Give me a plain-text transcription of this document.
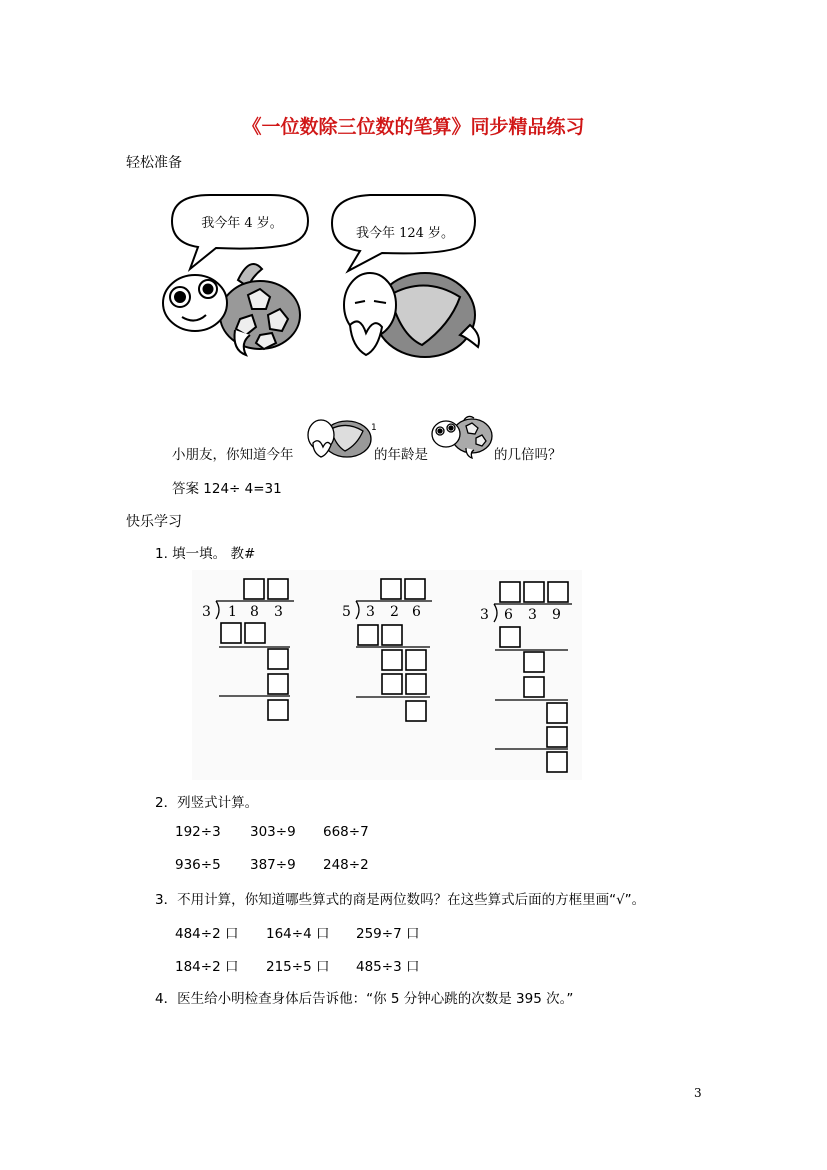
《一位数除三位数的笔算》同步精品练习
轻松准备
我今年 4 岁。
我今年 124 岁。
小朋友，你知道今年
1
的年龄是	的几倍吗？
答案 124÷ 4=31
快乐学习
1. 填一填。 教#
3 1 8 3	5 3 2 6	3 6 3 9
2．列竖式计算。
192÷3 303÷9 668÷7
936÷5 387÷9 248÷2
3．不用计算，你知道哪些算式的商是两位数吗？在这些算式后面的方框里画“√”。
484÷2 口 164÷4 口 259÷7 口
184÷2 口 215÷5 口 485÷3 口
4．医生给小明检查身体后告诉他：“你 5 分钟心跳的次数是 395 次。”
3
